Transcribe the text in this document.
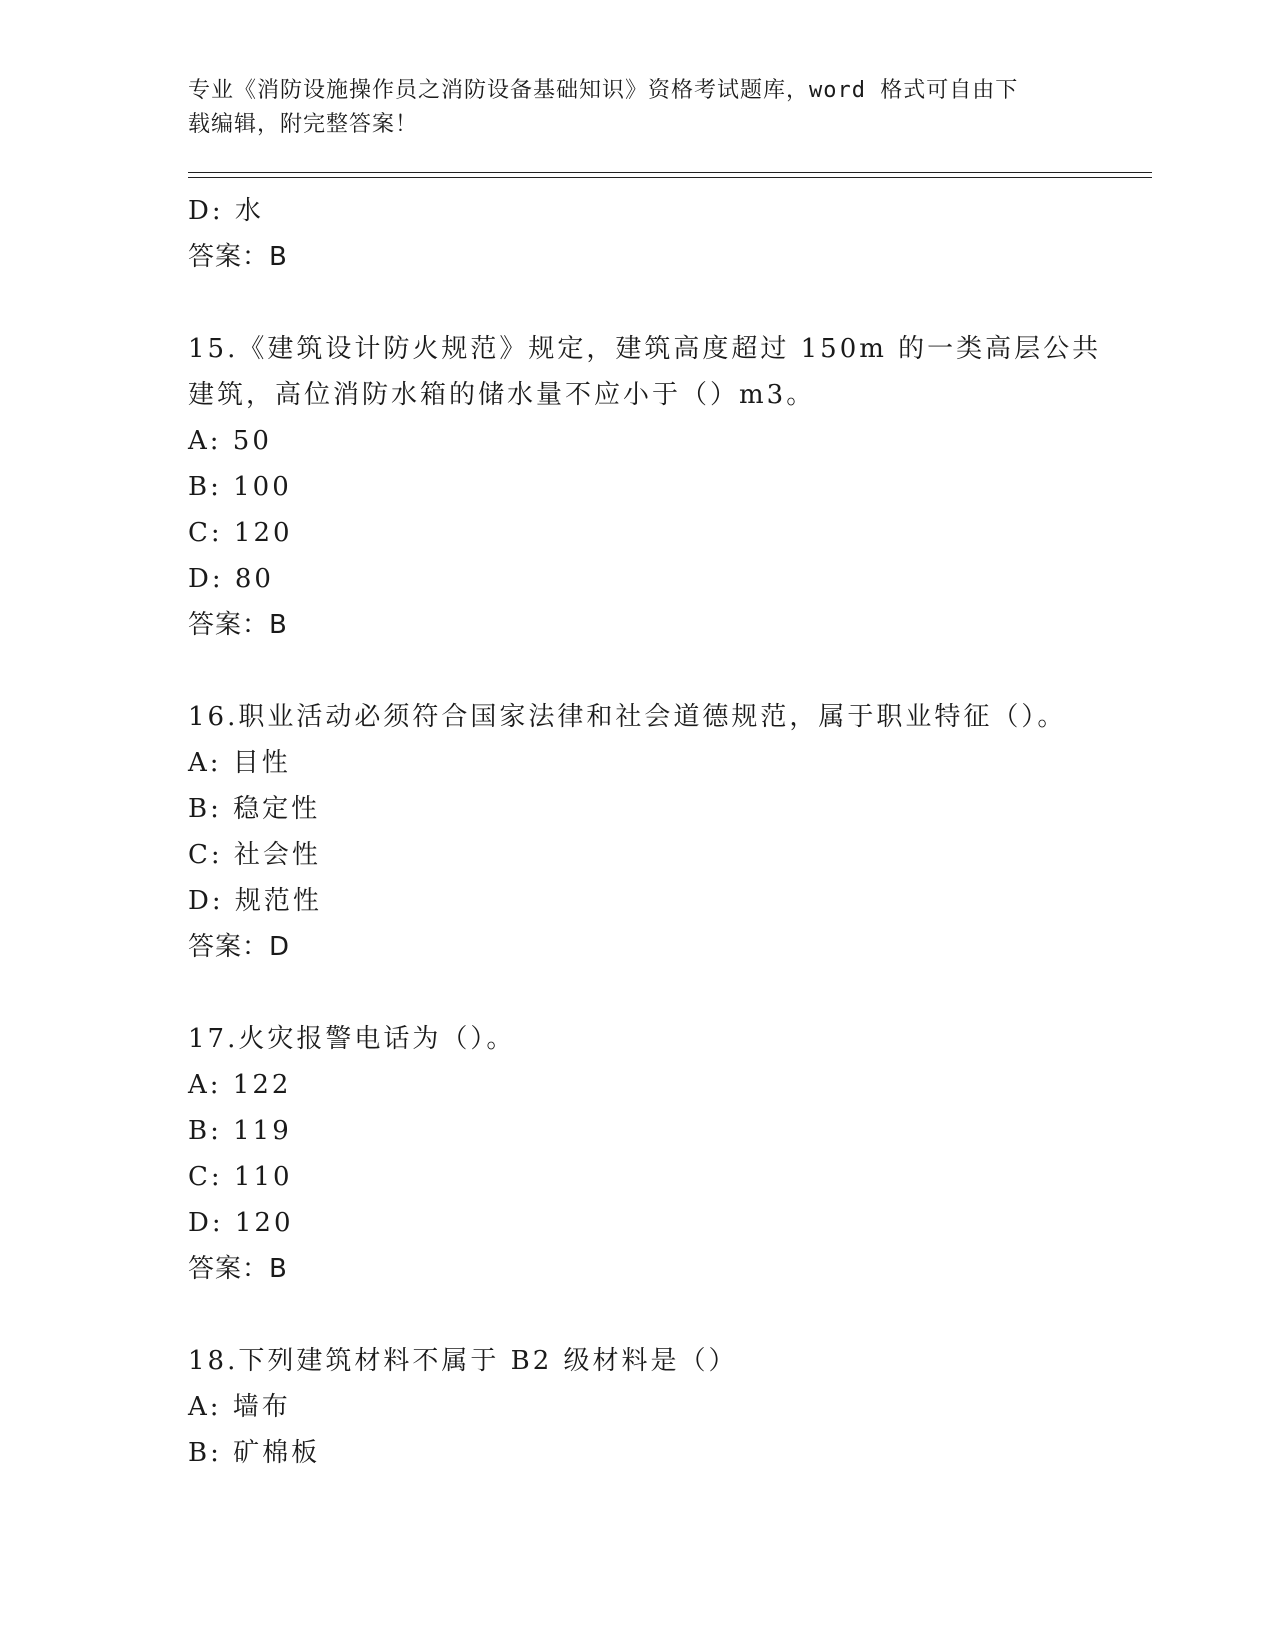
专业《消防设施操作员之消防设备基础知识》资格考试题库，word 格式可自由下
载编辑，附完整答案！
D: 水
答案：B
15.《建筑设计防火规范》规定，建筑高度超过 150m 的一类高层公共
建筑，高位消防水箱的储水量不应小于（）m3。
A: 50
B: 100
C: 120
D: 80
答案：B
16.职业活动必须符合国家法律和社会道德规范，属于职业特征（）。
A: 目性
B: 稳定性
C: 社会性
D: 规范性
答案：D
17.火灾报警电话为（）。
A: 122
B: 119
C: 110
D: 120
答案：B
18.下列建筑材料不属于 B2 级材料是（）
A: 墙布
B: 矿棉板
